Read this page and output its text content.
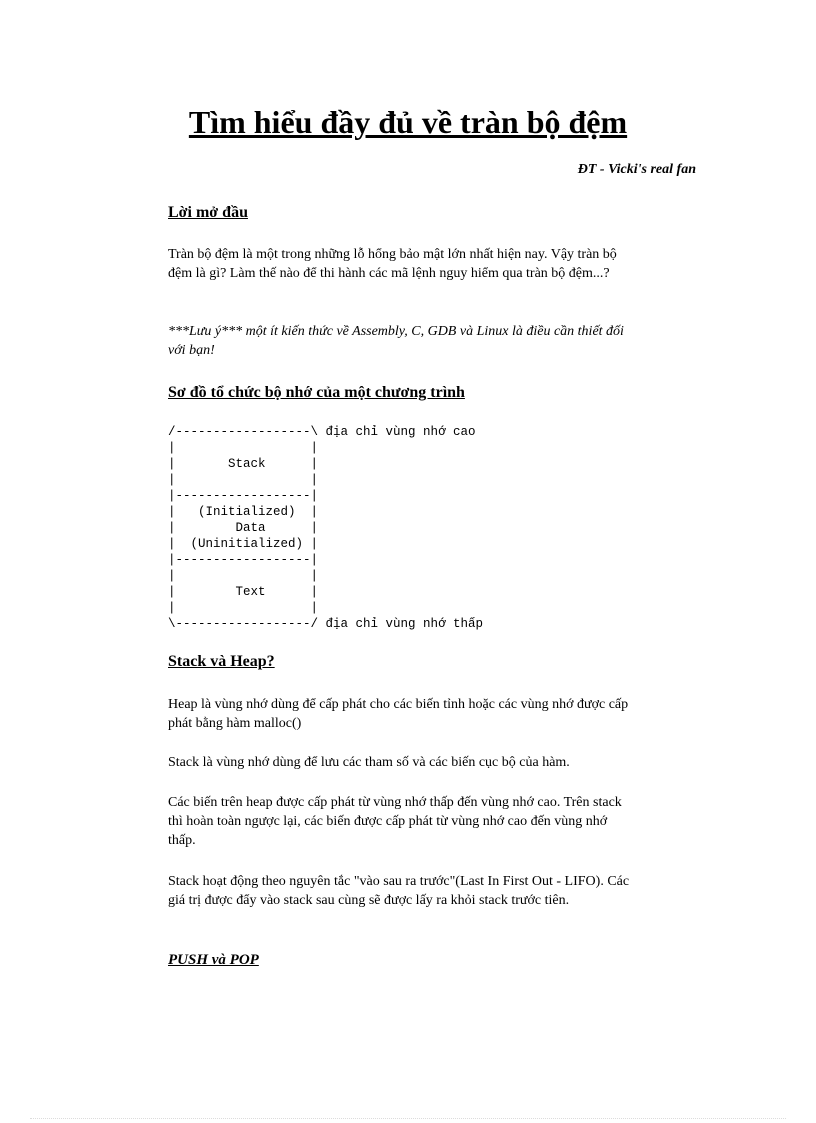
Tìm hiểu đầy đủ về tràn bộ đệm
ĐT - Vicki's real fan
Lời mở đầu

Tràn bộ đệm là một trong những lỗ hổng bảo mật lớn nhất hiện nay. Vậy tràn bộ đệm là gì? Làm thế nào để thi hành các mã lệnh nguy hiểm qua tràn bộ đệm...?

***Lưu ý*** một ít kiến thức về Assembly, C, GDB và Linux là điều cần thiết đối với bạn!

Sơ đồ tổ chức bộ nhớ của một chương trình
/------------------\ địa chỉ vùng nhớ cao
|                  |
|       Stack      |
|                  |
|------------------|
|   (Initialized)  |
|        Data      |
|  (Uninitialized) |
|------------------|
|                  |
|        Text      |
|                  |
\------------------/ địa chỉ vùng nhớ thấp
Stack và Heap?

Heap là vùng nhớ dùng để cấp phát cho các biến tỉnh hoặc các vùng nhớ được cấp phát bằng hàm malloc()

Stack là vùng nhớ dùng để lưu các tham số và các biến cục bộ của hàm.

Các biến trên heap được cấp phát từ vùng nhớ thấp đến vùng nhớ cao. Trên stack thì hoàn toàn ngược lại, các biến được cấp phát từ vùng nhớ cao đến vùng nhớ thấp.

Stack hoạt động theo nguyên tắc "vào sau ra trước"(Last In First Out - LIFO). Các giá trị được đẩy vào stack sau cùng sẽ được lấy ra khỏi stack trước tiên.

PUSH và POP
